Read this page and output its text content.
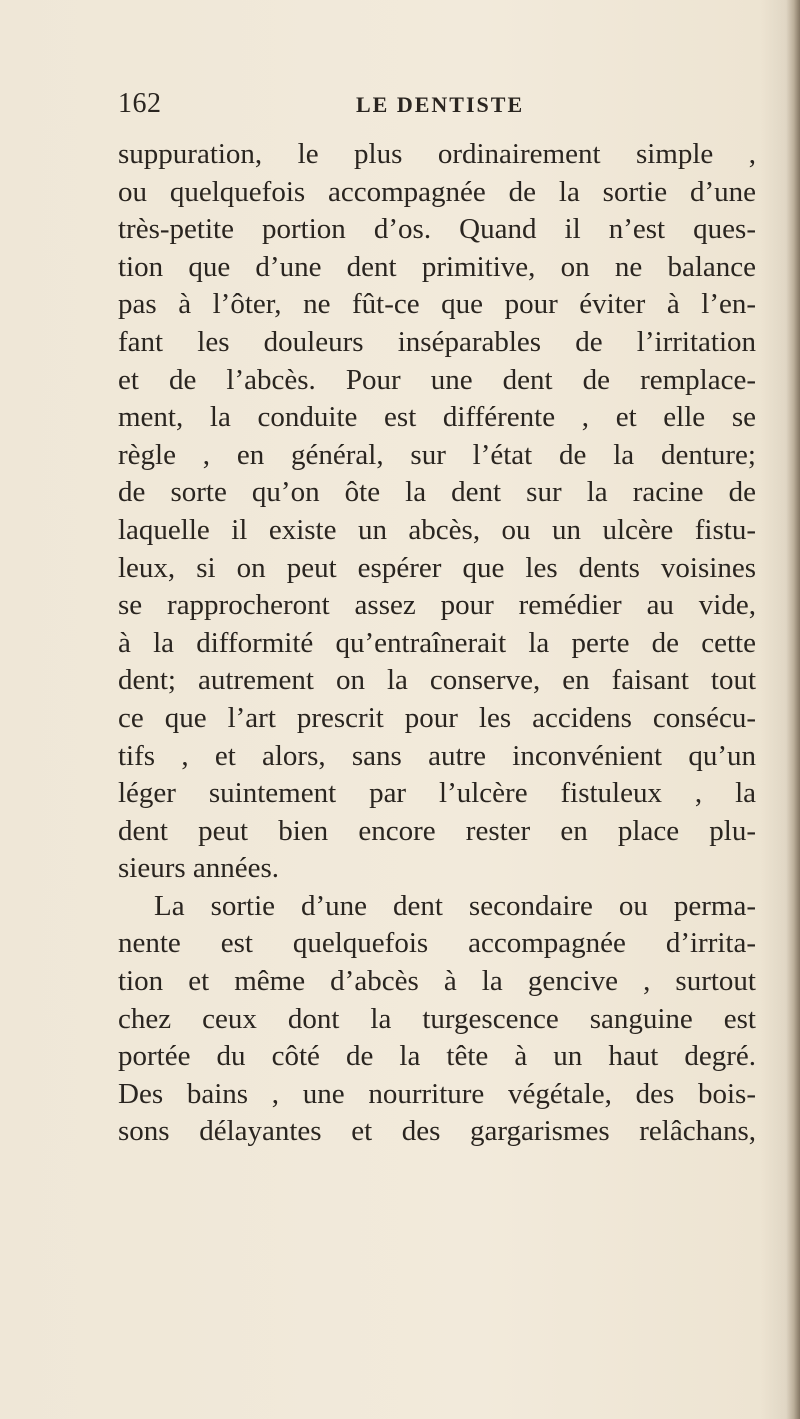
162	LE DENTISTE
suppuration, le plus ordinairement simple ,
ou quelquefois accompagnée de la sortie d’une
très-petite portion d’os. Quand il n’est ques-
tion que d’une dent primitive, on ne balance
pas à l’ôter, ne fût-ce que pour éviter à l’en-
fant les douleurs inséparables de l’irritation
et de l’abcès. Pour une dent de remplace-
ment, la conduite est différente , et elle se
règle , en général, sur l’état de la denture;
de sorte qu’on ôte la dent sur la racine de
laquelle il existe un abcès, ou un ulcère fistu-
leux, si on peut espérer que les dents voisines
se rapprocheront assez pour remédier au vide,
à la difformité qu’entraînerait la perte de cette
dent; autrement on la conserve, en faisant tout
ce que l’art prescrit pour les accidens consécu-
tifs , et alors, sans autre inconvénient qu’un
léger suintement par l’ulcère fistuleux , la
dent peut bien encore rester en place plu-
sieurs années.
La sortie d’une dent secondaire ou perma-
nente est quelquefois accompagnée d’irrita-
tion et même d’abcès à la gencive , surtout
chez ceux dont la turgescence sanguine est
portée du côté de la tête à un haut degré.
Des bains , une nourriture végétale, des bois-
sons délayantes et des gargarismes relâchans,
